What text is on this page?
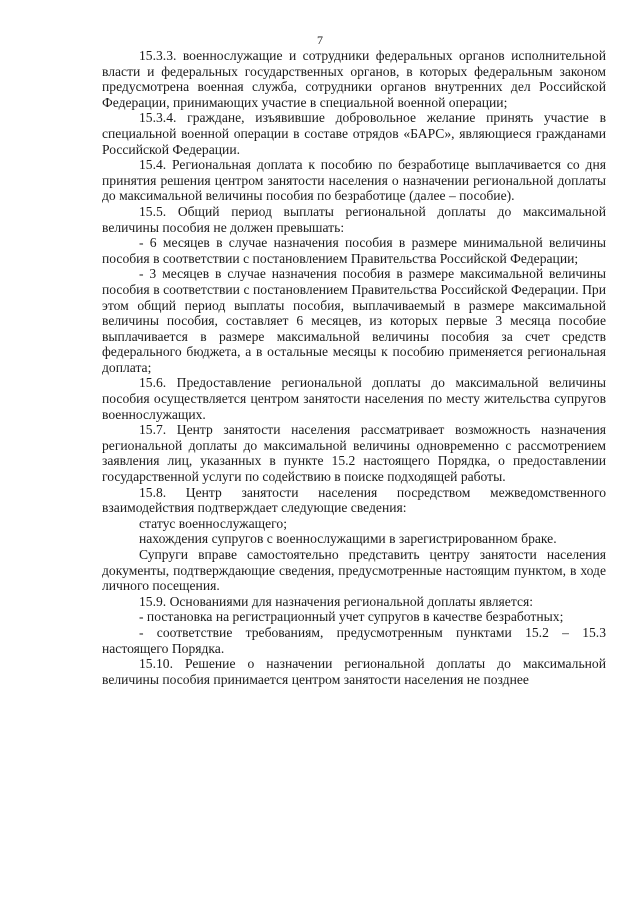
7

15.3.3. военнослужащие и сотрудники федеральных органов исполнительной власти и федеральных государственных органов, в которых федеральным законом предусмотрена военная служба, сотрудники органов внутренних дел Российской Федерации, принимающих участие в специальной военной операции;

15.3.4. граждане, изъявившие добровольное желание принять участие в специальной военной операции в составе отрядов «БАРС», являющиеся гражданами Российской Федерации.

15.4. Региональная доплата к пособию по безработице выплачивается со дня принятия решения центром занятости населения о назначении региональной доплаты до максимальной величины пособия по безработице (далее – пособие).

15.5. Общий период выплаты региональной доплаты до максимальной величины пособия не должен превышать:

- 6 месяцев в случае назначения пособия в размере минимальной величины пособия в соответствии с постановлением Правительства Российской Федерации;

- 3 месяцев в случае назначения пособия в размере максимальной величины пособия в соответствии с постановлением Правительства Российской Федерации. При этом общий период выплаты пособия, выплачиваемый в размере максимальной величины пособия, составляет 6 месяцев, из которых первые 3 месяца пособие выплачивается в размере максимальной величины пособия за счет средств федерального бюджета, а в остальные месяцы к пособию применяется региональная доплата;

15.6. Предоставление региональной доплаты до максимальной величины пособия осуществляется центром занятости населения по месту жительства супругов военнослужащих.

15.7. Центр занятости населения рассматривает возможность назначения региональной доплаты до максимальной величины одновременно с рассмотрением заявления лиц, указанных в пункте 15.2 настоящего Порядка, о предоставлении государственной услуги по содействию в поиске подходящей работы.

15.8. Центр занятости населения посредством межведомственного взаимодействия подтверждает следующие сведения:

статус военнослужащего;

нахождения супругов с военнослужащими в зарегистрированном браке.

Супруги вправе самостоятельно представить центру занятости населения документы, подтверждающие сведения, предусмотренные настоящим пунктом, в ходе личного посещения.

15.9. Основаниями для назначения региональной доплаты является:

- постановка на регистрационный учет супругов в качестве безработных;

- соответствие требованиям, предусмотренным пунктами 15.2 – 15.3 настоящего Порядка.

15.10. Решение о назначении региональной доплаты до максимальной величины пособия принимается центром занятости населения не позднее
